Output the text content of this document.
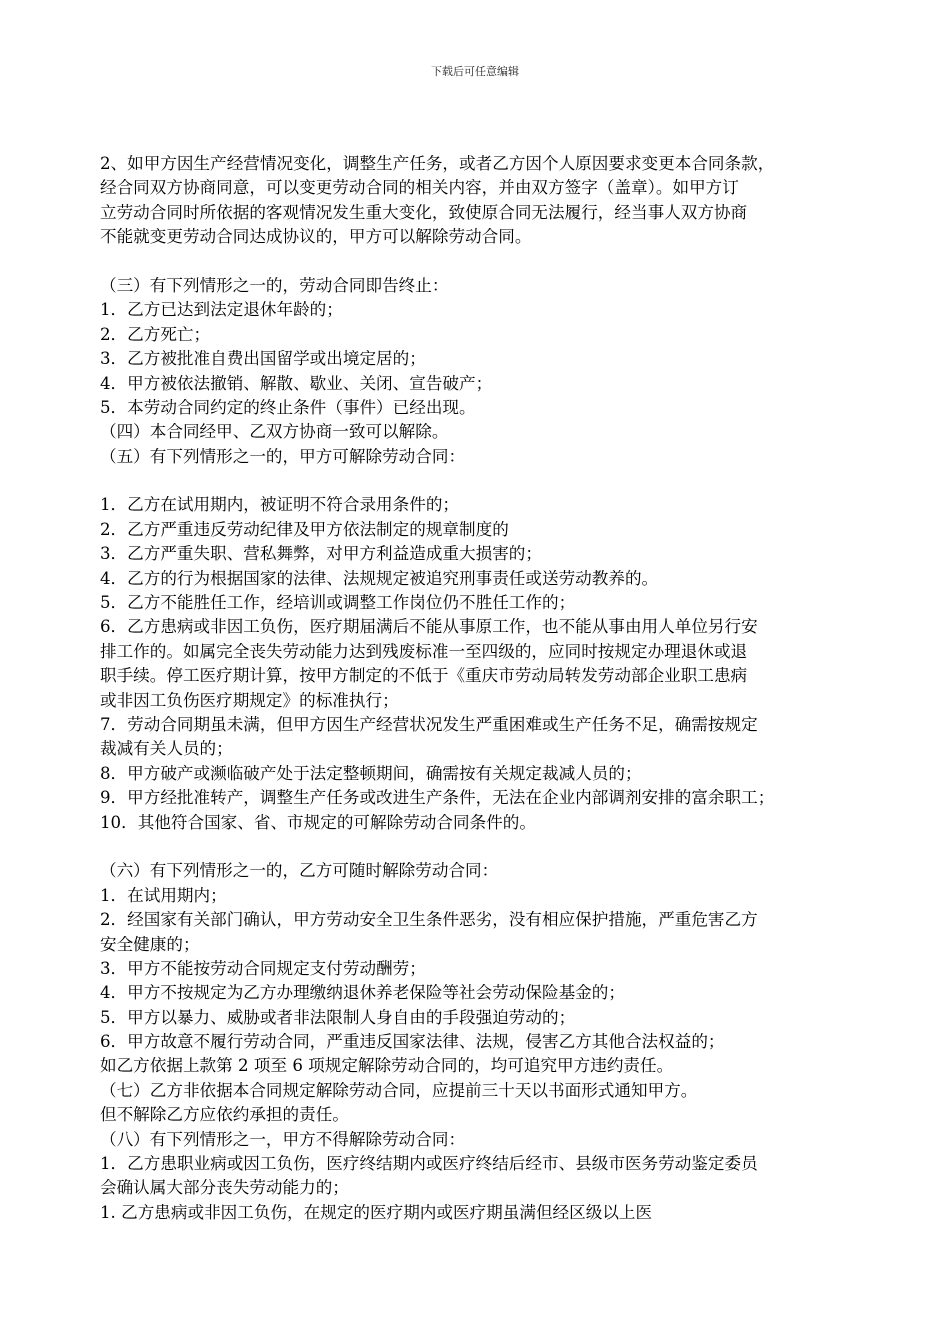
下载后可任意编辑
2、如甲方因生产经营情况变化，调整生产任务，或者乙方因个人原因要求变更本合同条款，
经合同双方协商同意，可以变更劳动合同的相关内容，并由双方签字（盖章）。如甲方订
立劳动合同时所依据的客观情况发生重大变化，致使原合同无法履行，经当事人双方协商
不能就变更劳动合同达成协议的，甲方可以解除劳动合同。
（三）有下列情形之一的，劳动合同即告终止：
1．乙方已达到法定退休年龄的；
2．乙方死亡；
3．乙方被批准自费出国留学或出境定居的；
4．甲方被依法撤销、解散、歇业、关闭、宣告破产；
5．本劳动合同约定的终止条件（事件）已经出现。
（四）本合同经甲、乙双方协商一致可以解除。
（五）有下列情形之一的，甲方可解除劳动合同：
1．乙方在试用期内，被证明不符合录用条件的；
2．乙方严重违反劳动纪律及甲方依法制定的规章制度的
3．乙方严重失职、营私舞弊，对甲方利益造成重大损害的；
4．乙方的行为根据国家的法律、法规规定被追究刑事责任或送劳动教养的。
5．乙方不能胜任工作，经培训或调整工作岗位仍不胜任工作的；
6．乙方患病或非因工负伤，医疗期届满后不能从事原工作，也不能从事由用人单位另行安
排工作的。如属完全丧失劳动能力达到残废标准一至四级的，应同时按规定办理退休或退
职手续。停工医疗期计算，按甲方制定的不低于《重庆市劳动局转发劳动部企业职工患病
或非因工负伤医疗期规定》的标准执行；
7．劳动合同期虽未满，但甲方因生产经营状况发生严重困难或生产任务不足，确需按规定
裁减有关人员的；
8．甲方破产或濒临破产处于法定整顿期间，确需按有关规定裁减人员的；
9．甲方经批准转产，调整生产任务或改进生产条件，无法在企业内部调剂安排的富余职工；
10．其他符合国家、省、市规定的可解除劳动合同条件的。
（六）有下列情形之一的，乙方可随时解除劳动合同：
1．在试用期内；
2．经国家有关部门确认，甲方劳动安全卫生条件恶劣，没有相应保护措施，严重危害乙方
安全健康的；
3．甲方不能按劳动合同规定支付劳动酬劳；
4．甲方不按规定为乙方办理缴纳退休养老保险等社会劳动保险基金的；
5．甲方以暴力、威胁或者非法限制人身自由的手段强迫劳动的；
6．甲方故意不履行劳动合同，严重违反国家法律、法规，侵害乙方其他合法权益的；
如乙方依据上款第 2 项至 6 项规定解除劳动合同的，均可追究甲方违约责任。
（七）乙方非依据本合同规定解除劳动合同，应提前三十天以书面形式通知甲方。
但不解除乙方应依约承担的责任。
（八）有下列情形之一，甲方不得解除劳动合同：
1．乙方患职业病或因工负伤，医疗终结期内或医疗终结后经市、县级市医务劳动鉴定委员
会确认属大部分丧失劳动能力的；
1. 乙方患病或非因工负伤，在规定的医疗期内或医疗期虽满但经区级以上医
